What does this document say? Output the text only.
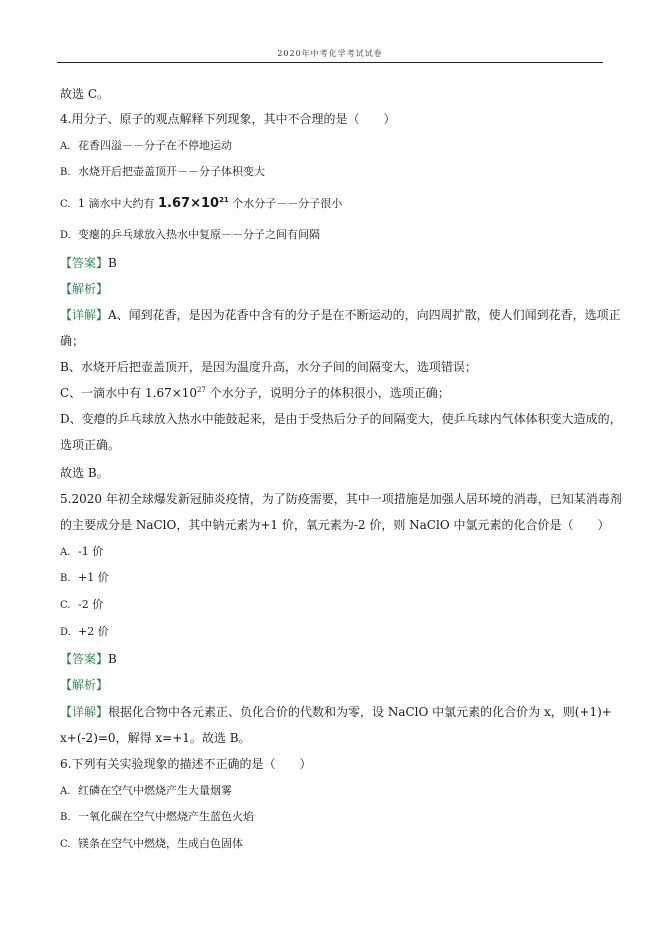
2020年中考化学考试试卷

故选 C。

4.用分子、原子的观点解释下列现象，其中不合理的是（　　）

A. 花香四溢－－分子在不停地运动

B. 水烧开后把壶盖顶开－－分子体积变大

C. 1 滴水中大约有 $1.67\times 10^{21}$ 个水分子－－分子很小

D. 变瘪的乒乓球放入热水中复原－－分子之间有间隔

【答案】B

【解析】

【详解】A、闻到花香，是因为花香中含有的分子是在不断运动的，向四周扩散，使人们闻到花香，选项正

确；

B、水烧开后把壶盖顶开，是因为温度升高，水分子间的间隔变大，选项错误；

C、一滴水中有 $1.67\times 10^{27}$ 个水分子，说明分子的体积很小，选项正确；

D、变瘪的乒乓球放入热水中能鼓起来，是由于受热后分子的间隔变大，使乒乓球内气体体积变大造成的，

选项正确。

故选 B。

5.2020 年初全球爆发新冠肺炎疫情，为了防疫需要，其中一项措施是加强人居环境的消毒，已知某消毒剂

的主要成分是 NaClO，其中钠元素为+1 价，氧元素为-2 价，则 NaClO 中氯元素的化合价是（　　）

A. -1 价

B. +1 价

C. -2 价

D. +2 价

【答案】B

【解析】

【详解】根据化合物中各元素正、负化合价的代数和为零，设 NaClO 中氯元素的化合价为 x，则(+1)+

x+(-2)=0，解得 x=+1。故选 B。

6.下列有关实验现象的描述不正确的是（　　）

A. 红磷在空气中燃烧产生大量烟雾

B. 一氧化碳在空气中燃烧产生蓝色火焰

C. 镁条在空气中燃烧，生成白色固体
